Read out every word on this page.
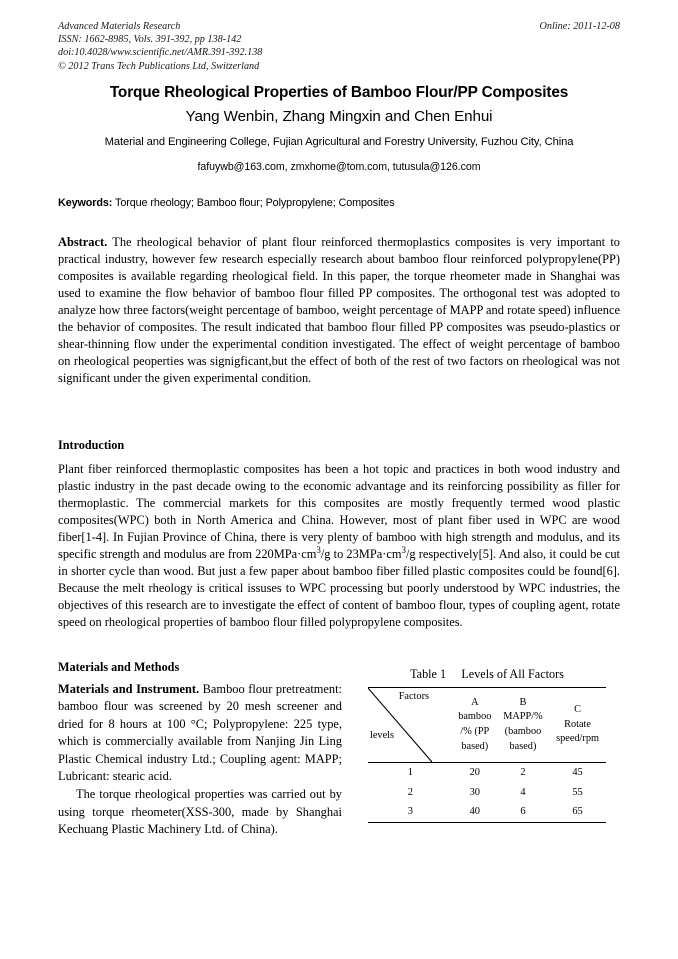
Advanced Materials Research	Online: 2011-12-08
ISSN: 1662-8985, Vols. 391-392, pp 138-142
doi:10.4028/www.scientific.net/AMR.391-392.138
© 2012 Trans Tech Publications Ltd, Switzerland
Torque Rheological Properties of Bamboo Flour/PP Composites
Yang Wenbin, Zhang Mingxin and Chen Enhui
Material and Engineering College, Fujian Agricultural and Forestry University, Fuzhou City, China
fafuywb@163.com, zmxhome@tom.com, tutusula@126.com
Keywords: Torque rheology; Bamboo flour; Polypropylene; Composites
Abstract. The rheological behavior of plant flour reinforced thermoplastics composites is very important to practical industry, however few research especially research about bamboo flour reinforced polypropylene(PP) composites is available regarding rheological field. In this paper, the torque rheometer made in Shanghai was used to examine the flow behavior of bamboo flour filled PP composites. The orthogonal test was adopted to analyze how three factors(weight percentage of bamboo, weight percentage of MAPP and rotate speed) influence the behavior of composites. The result indicated that bamboo flour filled PP composites was pseudo-plastics or shear-thinning flow under the experimental condition investigated. The effect of weight percentage of bamboo on rheological peoperties was signigficant,but the effect of both of the rest of two factors on rheological was not significant under the given experimental condition.
Introduction
Plant fiber reinforced thermoplastic composites has been a hot topic and practices in both wood industry and plastic industry in the past decade owing to the economic advantage and its reinforcing possibility as filler for thermoplastic. The commercial markets for this composites are mostly frequently termed wood plastic composites(WPC) both in North America and China. However, most of plant fiber used in WPC are wood fiber[1-4]. In Fujian Province of China, there is very plenty of bamboo with high strength and modulus, and its specific strength and modulus are from $220MPa\cdot cm^3/g$ to $23MPa\cdot cm^3/g$ respectively[5]. And also, it could be cut in shorter cycle than wood. But just a few paper about bamboo fiber filled plastic composites could be found[6]. Because the melt rheology is critical issuses to WPC processing but poorly understood by WPC industries, the objectives of this research are to investigate the effect of content of bamboo flour, types of coupling agent, rotate speed on rheological properties of bamboo flour filled polypropylene composites.
Materials and Methods

Materials and Instrument. Bamboo flour pretreatment: bamboo flour was screened by 20 mesh screener and dried for 8 hours at 100 °C; Polypropylene: 225 type, which is commercially available from Nanjing Jin Ling Plastic Chemical industry Ltd.; Coupling agent: MAPP; Lubricant: stearic acid.

The torque rheological properties was carried out by using torque rheometer(XSS-300, made by Shanghai Kechuang Plastic Machinery Ltd. of China).

Table 1  Levels of All Factors
Factors
levels	A
bamboo
/% (PP
based)	B
MAPP/%
(bamboo
based)	C
Rotate
speed/rpm

1	20	2	45
2	30	4	55
3	40	6	65
